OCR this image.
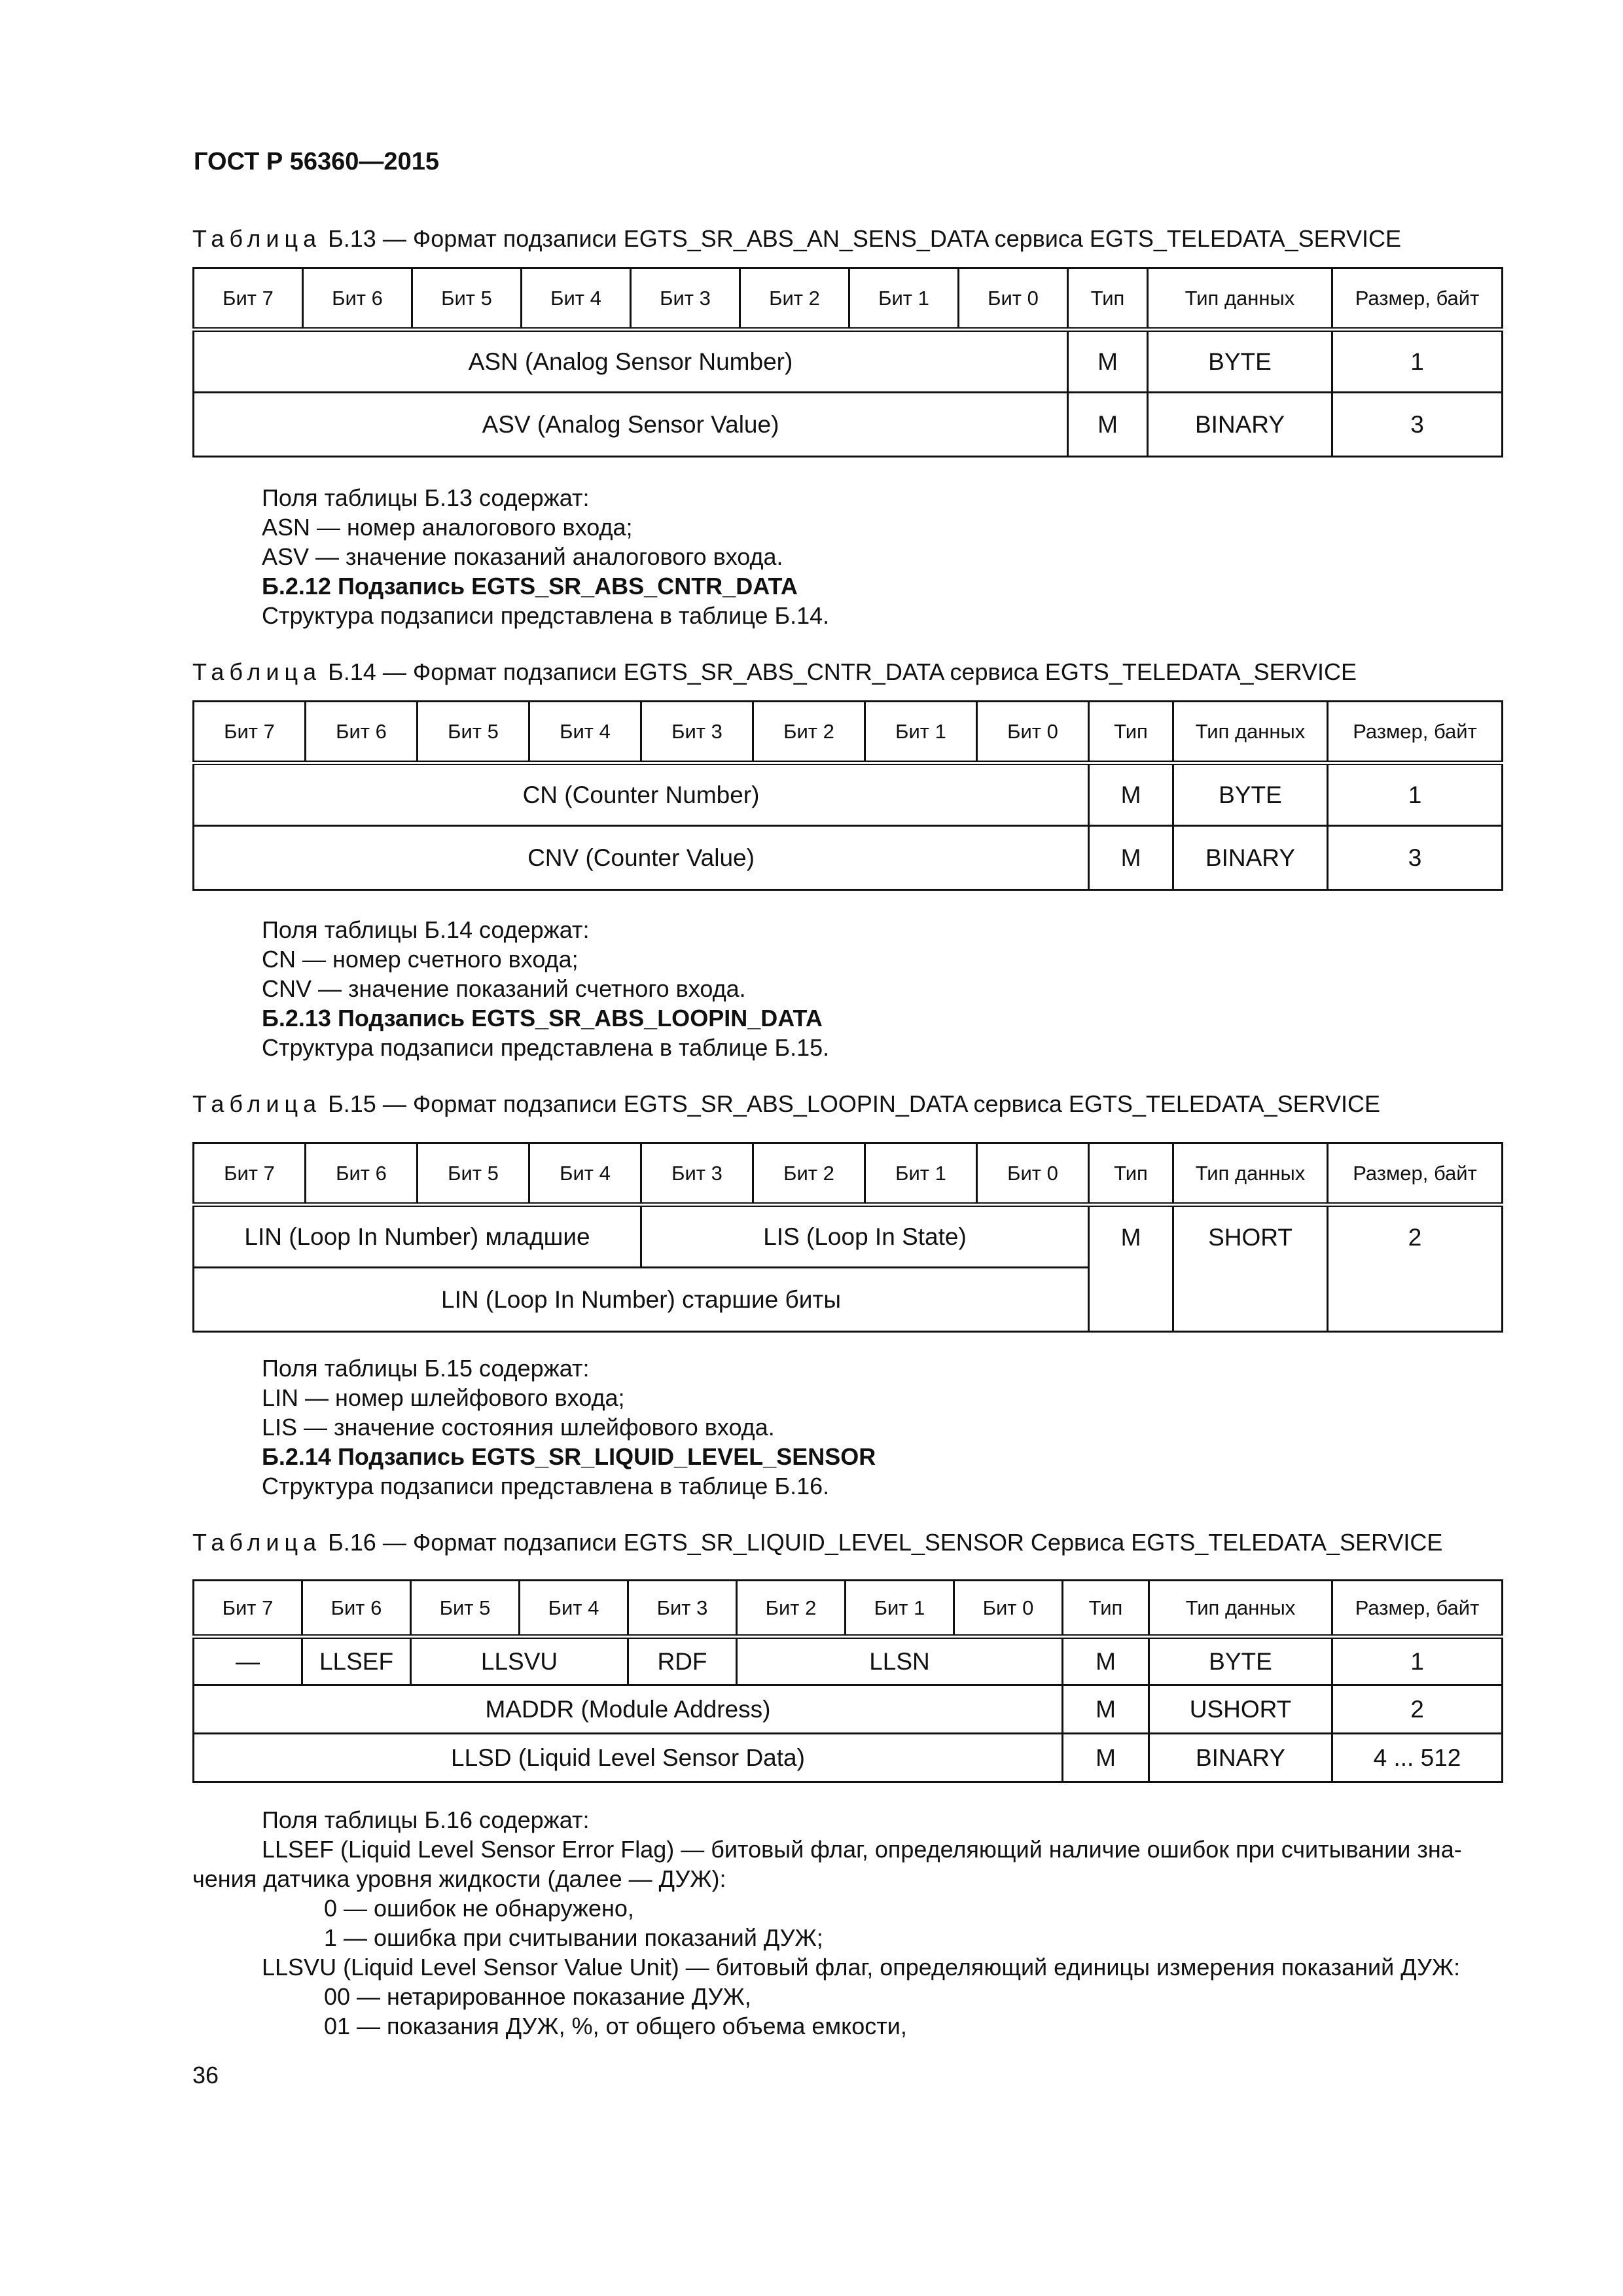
ГОСТ Р 56360—2015
Таблица Б.13 — Формат подзаписи EGTS_SR_ABS_AN_SENS_DATA сервиса EGTS_TELEDATA_SERVICE
Бит 7	Бит 6	Бит 5	Бит 4	Бит 3	Бит 2	Бит 1	Бит 0	Тип	Тип данных	Размер, байт
ASN (Analog Sensor Number)								M	BYTE	1
ASV (Analog Sensor Value)								M	BINARY	3
Поля таблицы Б.13 содержат:
ASN — номер аналогового входа;
ASV — значение показаний аналогового входа.
Б.2.12 Подзапись EGTS_SR_ABS_CNTR_DATA
Структура подзаписи представлена в таблице Б.14.
Таблица Б.14 — Формат подзаписи EGTS_SR_ABS_CNTR_DATA сервиса EGTS_TELEDATA_SERVICE
Бит 7	Бит 6	Бит 5	Бит 4	Бит 3	Бит 2	Бит 1	Бит 0	Тип	Тип данных	Размер, байт
CN (Counter Number)								M	BYTE	1
CNV (Counter Value)								M	BINARY	3
Поля таблицы Б.14 содержат:
CN — номер счетного входа;
CNV — значение показаний счетного входа.
Б.2.13 Подзапись EGTS_SR_ABS_LOOPIN_DATA
Структура подзаписи представлена в таблице Б.15.
Таблица Б.15 — Формат подзаписи EGTS_SR_ABS_LOOPIN_DATA сервиса EGTS_TELEDATA_SERVICE
Бит 7	Бит 6	Бит 5	Бит 4	Бит 3	Бит 2	Бит 1	Бит 0	Тип	Тип данных	Размер, байт
LIN (Loop In Number) младшие				LIS (Loop In State)				M	SHORT	2
LIN (Loop In Number) старшие биты										
Поля таблицы Б.15 содержат:
LIN — номер шлейфового входа;
LIS — значение состояния шлейфового входа.
Б.2.14 Подзапись EGTS_SR_LIQUID_LEVEL_SENSOR
Структура подзаписи представлена в таблице Б.16.
Таблица Б.16 — Формат подзаписи EGTS_SR_LIQUID_LEVEL_SENSOR Сервиса EGTS_TELEDATA_SERVICE
Бит 7	Бит 6	Бит 5	Бит 4	Бит 3	Бит 2	Бит 1	Бит 0	Тип	Тип данных	Размер, байт
—	LLSEF	LLSVU		RDF	LLSN			M	BYTE	1
MADDR (Module Address)								M	USHORT	2
LLSD (Liquid Level Sensor Data)								M	BINARY	4 ... 512
Поля таблицы Б.16 содержат:
LLSEF (Liquid Level Sensor Error Flag) — битовый флаг, определяющий наличие ошибок при считывании зна-
чения датчика уровня жидкости (далее — ДУЖ):
0 — ошибок не обнаружено,
1 — ошибка при считывании показаний ДУЖ;
LLSVU (Liquid Level Sensor Value Unit) — битовый флаг, определяющий единицы измерения показаний ДУЖ:
00 — нетарированное показание ДУЖ,
01 — показания ДУЖ, %, от общего объема емкости,
36
